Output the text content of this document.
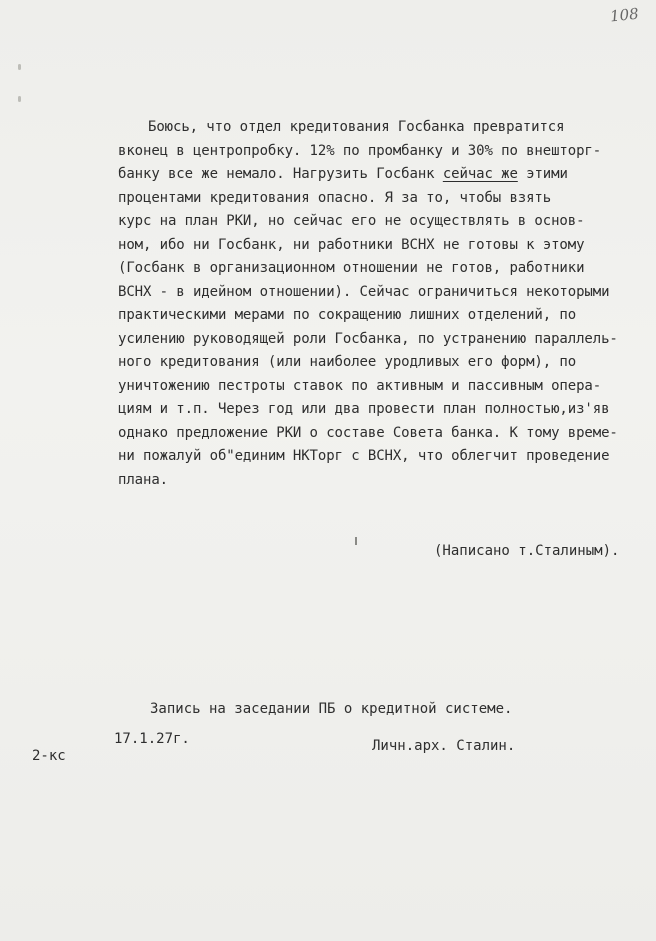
108
Боюсь, что отдел кредитования Госбанка превратится
вконец в центропробку. 12% по промбанку и 30% по внешторг-
банку все же немало. Нагрузить Госбанк сейчас же этими
процентами кредитования опасно. Я за то, чтобы взять
курс на план РКИ, но сейчас его не осуществлять в основ-
ном, ибо ни Госбанк, ни работники ВСНХ не готовы к этому
(Госбанк в организационном отношении не готов, работники
ВСНХ - в идейном отношении). Сейчас ограничиться некоторыми
практическими мерами по сокращению лишних отделений, по
усилению руководящей роли Госбанка, по устранению параллель-
ного кредитования (или наиболее уродливых его форм), по
уничтожению пестроты ставок по активным и пассивным опера-
циям и т.п. Через год или два провести план полностью,из'яв
однако предложение РКИ о составе Совета банка. К тому време-
ни пожалуй об"единим НКТорг с ВСНХ, что облегчит проведение
плана.
(Написано т.Сталиным).
Запись на заседании ПБ о кредитной системе.
17.1.27г.	Личн.арх. Сталин.
2-кс
